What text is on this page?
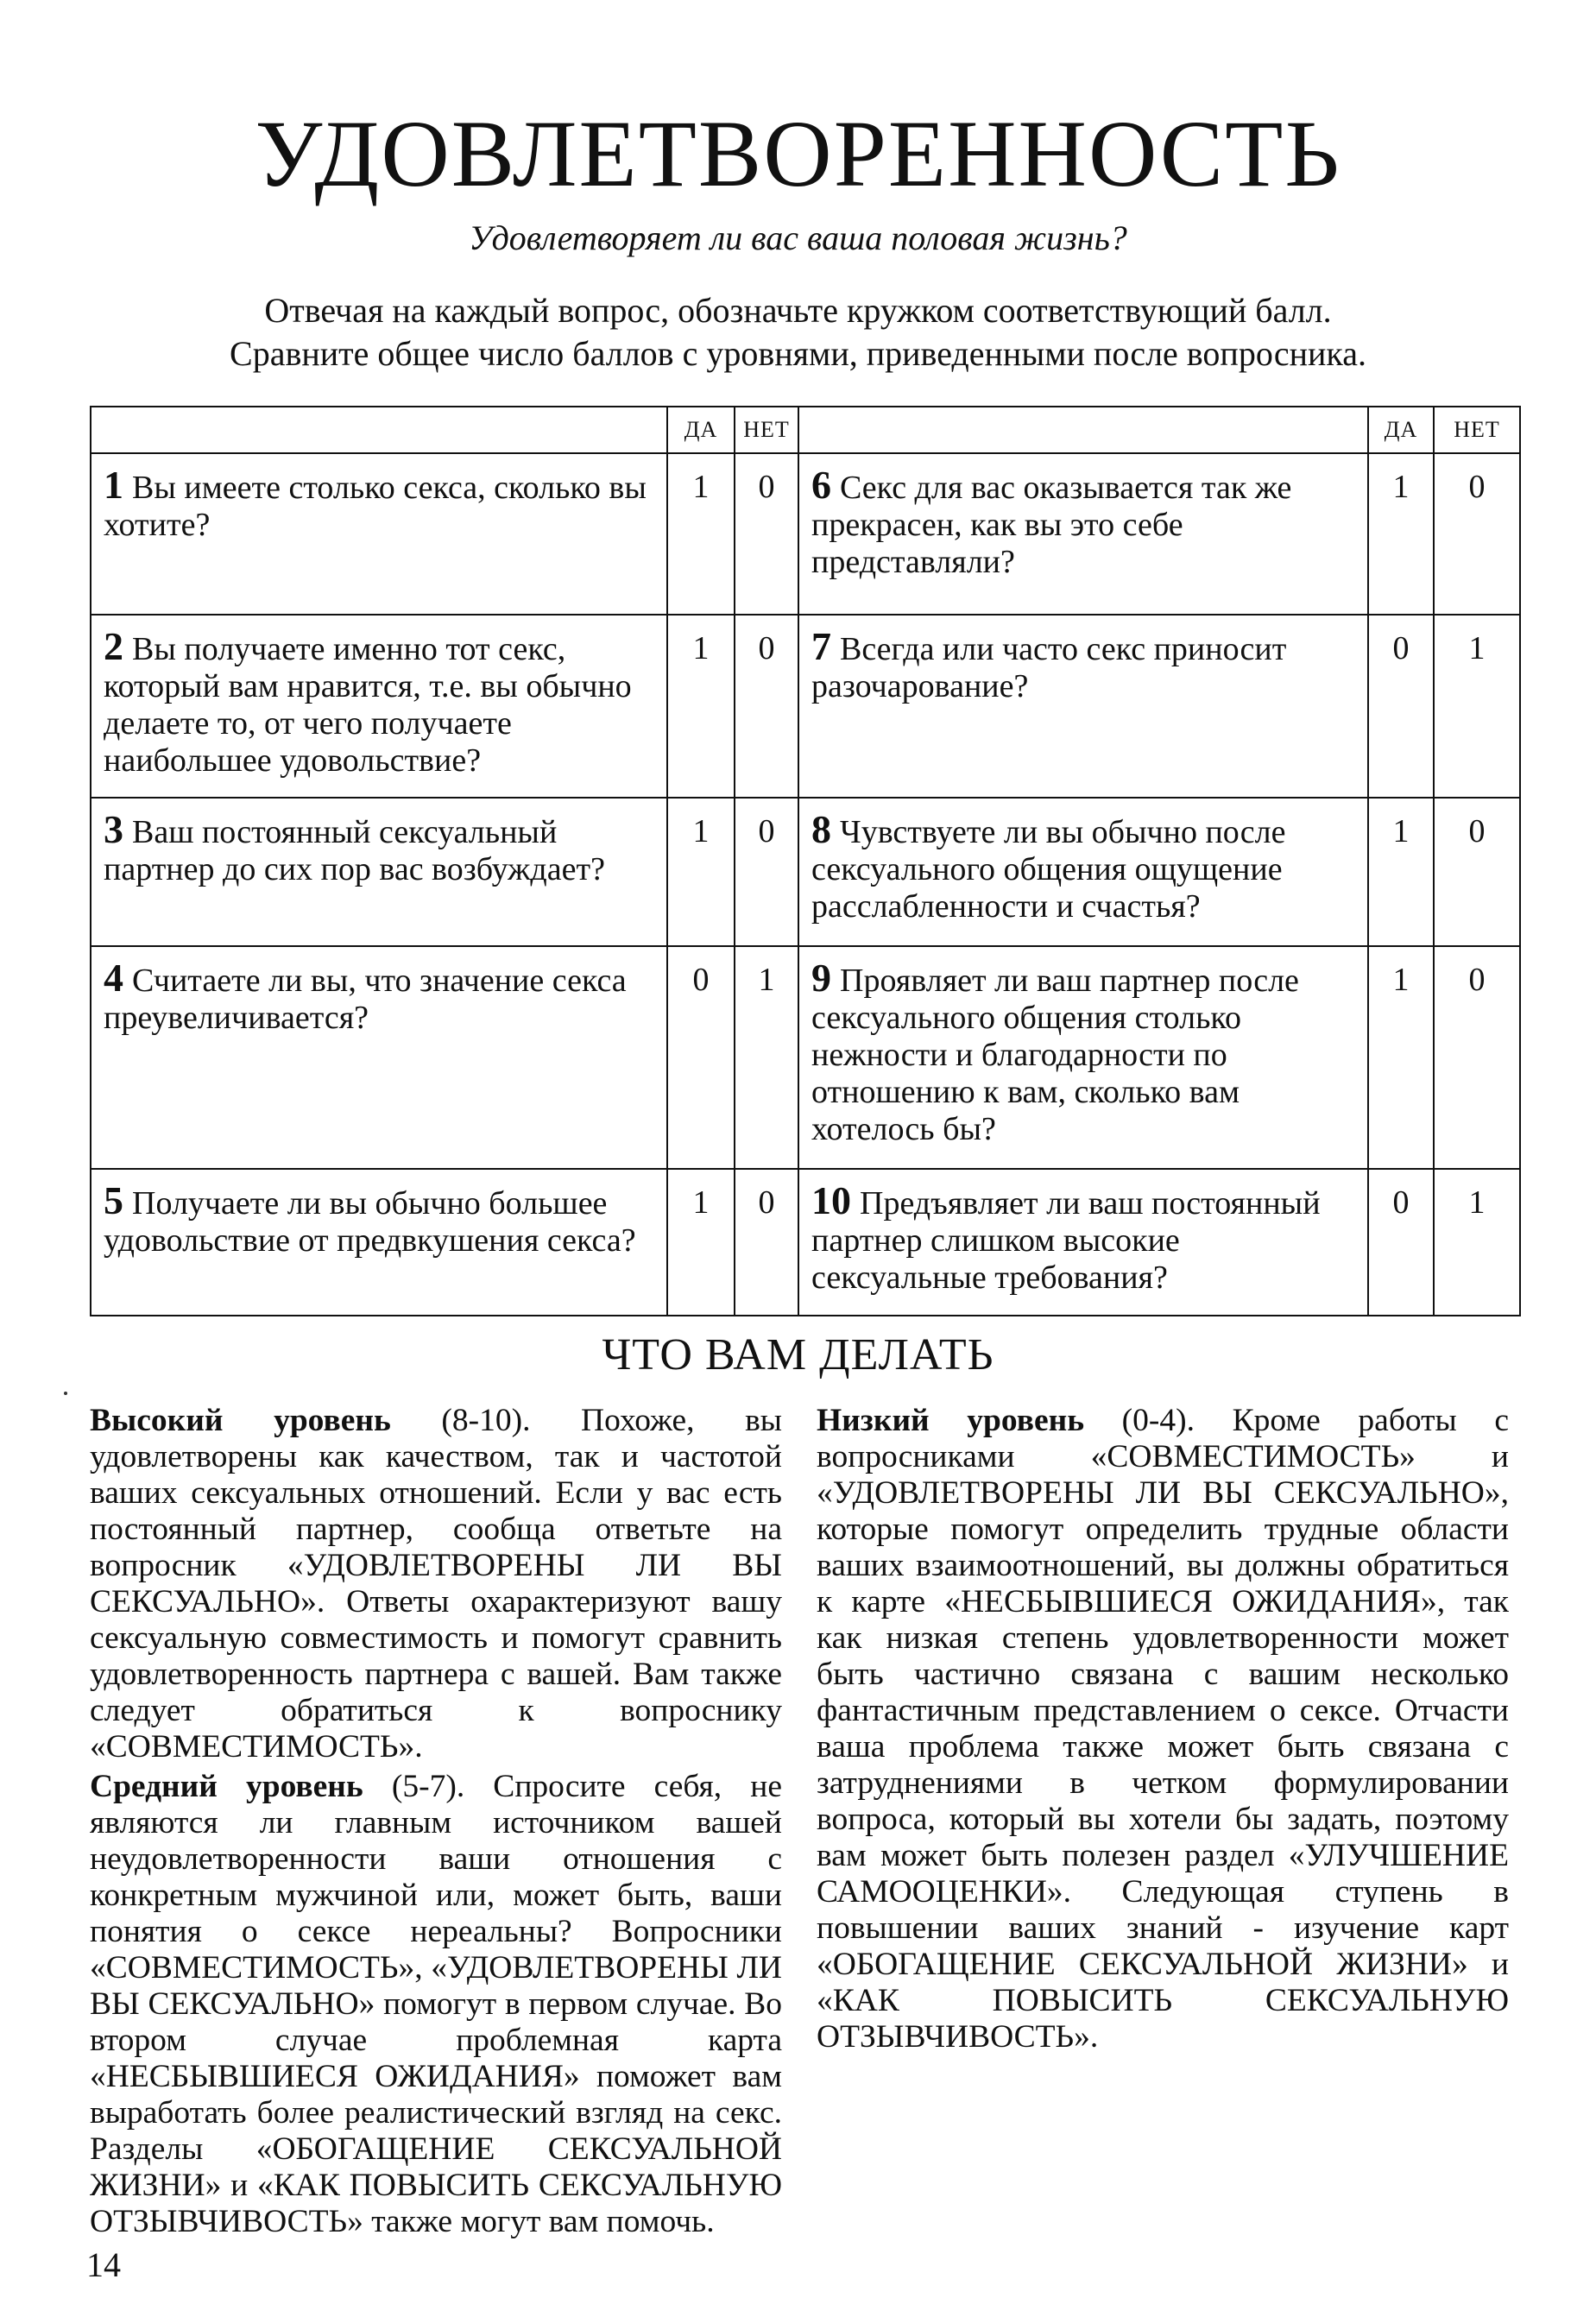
УДОВЛЕТВОРЕННОСТЬ
Удовлетворяет ли вас ваша половая жизнь?
Отвечая на каждый вопрос, обозначьте кружком соответствующий балл.
Сравните общее число баллов с уровнями, приведенными после вопросника.
	ДА	НЕТ		ДА	НЕТ
1 Вы имеете столько секса, сколько вы хотите?	1	0	6 Секс для вас оказывается так же прекрасен, как вы это себе представляли?	1	0
2 Вы получаете именно тот секс, который вам нравится, т.е. вы обычно делаете то, от чего получаете наибольшее удовольствие?	1	0	7 Всегда или часто секс приносит разочарование?	0	1
3 Ваш постоянный сексуальный партнер до сих пор вас возбуждает?	1	0	8 Чувствуете ли вы обычно после сексуального общения ощущение расслабленности и счастья?	1	0
4 Считаете ли вы, что значение секса преувеличивается?	0	1	9 Проявляет ли ваш партнер после сексуального общения столько нежности и благодарности по отношению к вам, сколько вам хотелось бы?	1	0
5 Получаете ли вы обычно большее удовольствие от предвкушения секса?	1	0	10 Предъявляет ли ваш постоянный партнер слишком высокие сексуальные требования?	0	1
ЧТО ВАМ ДЕЛАТЬ

Высокий уровень (8-10). Похоже, вы удовлетворены как качеством, так и частотой ваших сексуальных отношений. Если у вас есть постоянный партнер, сообща ответьте на вопросник «УДОВЛЕТВОРЕНЫ ЛИ ВЫ СЕКСУАЛЬНО». Ответы охарактеризуют вашу сексуальную совместимость и помогут сравнить удовлетворенность партнера с вашей. Вам также следует обратиться к вопроснику «СОВМЕСТИМОСТЬ».

Средний уровень (5-7). Спросите себя, не являются ли главным источником вашей неудовлетворенности ваши отношения с конкретным мужчиной или, может быть, ваши понятия о сексе нереальны? Вопросники «СОВМЕСТИМОСТЬ», «УДОВЛЕТВОРЕНЫ ЛИ ВЫ СЕКСУАЛЬНО» помогут в первом случае. Во втором случае проблемная карта «НЕСБЫВШИЕСЯ ОЖИДАНИЯ» поможет вам выработать более реалистический взгляд на секс. Разделы «ОБОГАЩЕНИЕ СЕКСУАЛЬНОЙ ЖИЗНИ» и «КАК ПОВЫСИТЬ СЕКСУАЛЬНУЮ ОТЗЫВЧИВОСТЬ» также могут вам помочь.

Низкий уровень (0-4). Кроме работы с вопросниками «СОВМЕСТИМОСТЬ» и «УДОВЛЕТВОРЕНЫ ЛИ ВЫ СЕКСУАЛЬНО», которые помогут определить трудные области ваших взаимоотношений, вы должны обратиться к карте «НЕСБЫВШИЕСЯ ОЖИДАНИЯ», так как низкая степень удовлетворенности может быть частично связана с вашим несколько фантастичным представлением о сексе. Отчасти ваша проблема также может быть связана с затруднениями в четком формулировании вопроса, который вы хотели бы задать, поэтому вам может быть полезен раздел «УЛУЧШЕНИЕ САМООЦЕНКИ». Следующая ступень в повышении ваших знаний - изучение карт «ОБОГАЩЕНИЕ СЕКСУАЛЬНОЙ ЖИЗНИ» и «КАК ПОВЫСИТЬ СЕКСУАЛЬНУЮ ОТЗЫВЧИВОСТЬ».

14
